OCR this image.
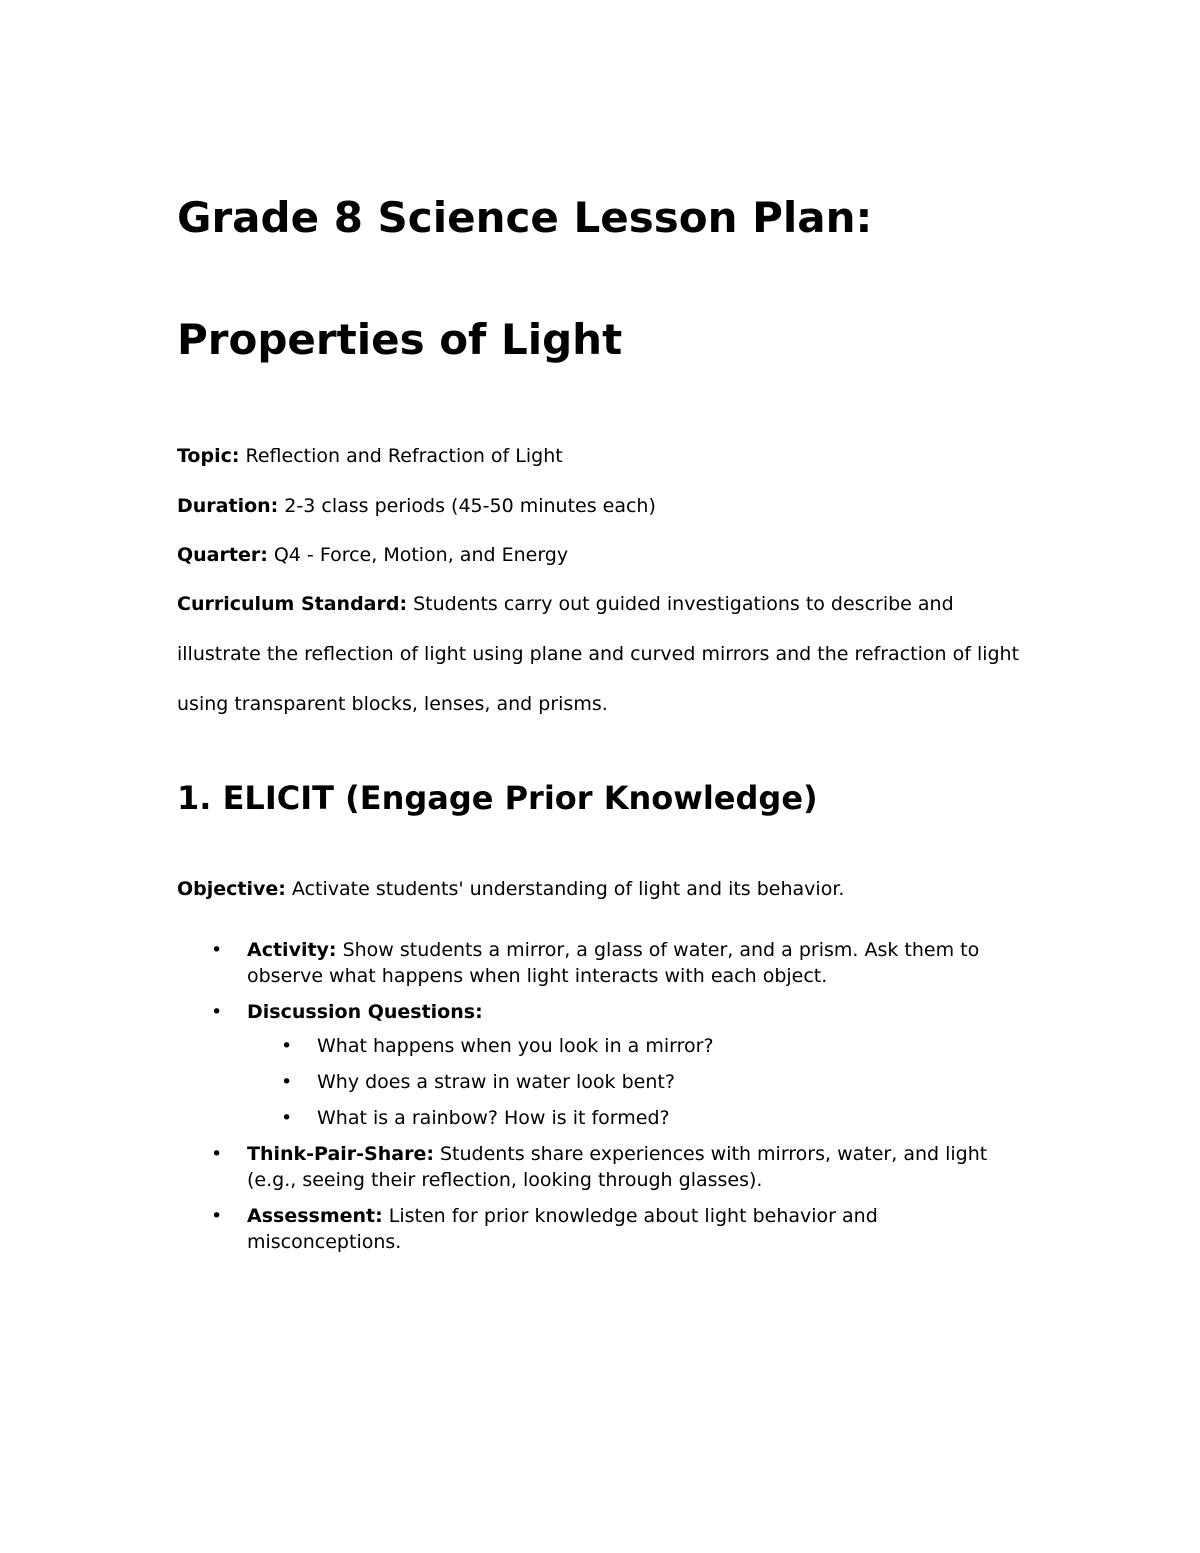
Grade 8 Science Lesson Plan:
Properties of Light
Topic: Reflection and Refraction of Light
Duration: 2-3 class periods (45-50 minutes each)
Quarter: Q4 - Force, Motion, and Energy

Curriculum Standard: Students carry out guided investigations to describe and illustrate the reflection of light using plane and curved mirrors and the refraction of light using transparent blocks, lenses, and prisms.

1. ELICIT (Engage Prior Knowledge)
Objective: Activate students' understanding of light and its behavior.
• Activity: Show students a mirror, a glass of water, and a prism. Ask them to observe what happens when light interacts with each object.
• Discussion Questions:
• What happens when you look in a mirror?
• Why does a straw in water look bent?
• What is a rainbow? How is it formed?
• Think-Pair-Share: Students share experiences with mirrors, water, and light (e.g., seeing their reflection, looking through glasses).
• Assessment: Listen for prior knowledge about light behavior and misconceptions.
